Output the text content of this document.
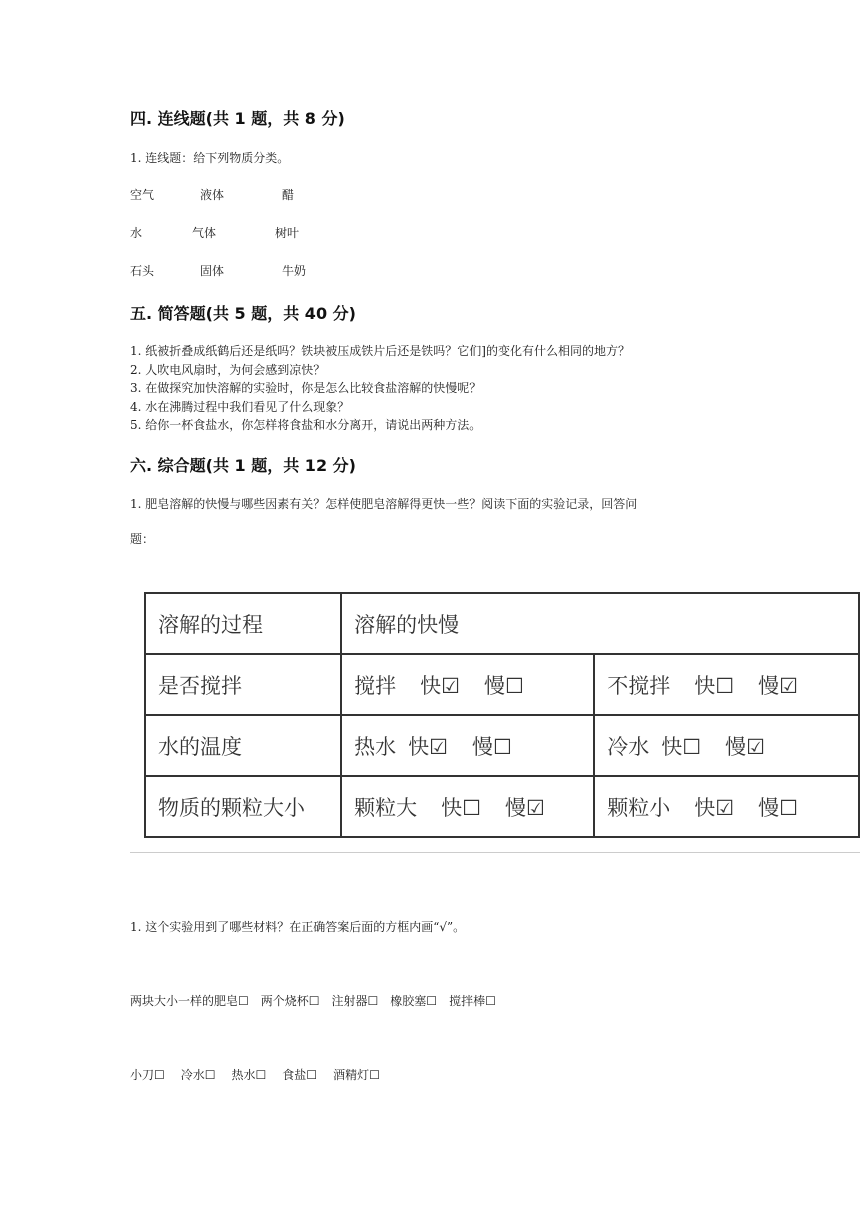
四. 连线题(共 1 题，共 8 分)
1. 连线题：给下列物质分类。
空气	液体	醋
水	气体	树叶
石头	固体	牛奶
五. 简答题(共 5 题，共 40 分)
1. 纸被折叠成纸鹤后还是纸吗？铁块被压成铁片后还是铁吗？它们]的变化有什么相同的地方？
2. 人吹电风扇时，为何会感到凉快？
3. 在做探究加快溶解的实验时，你是怎么比较食盐溶解的快慢呢？
4. 水在沸腾过程中我们看见了什么现象？
5. 给你一杯食盐水，你怎样将食盐和水分离开，请说出两种方法。
六. 综合题(共 1 题，共 12 分)
1. 肥皂溶解的快慢与哪些因素有关？怎样使肥皂溶解得更快一些？阅读下面的实验记录，回答问
题：
溶解的过程	溶解的快慢	
是否搅拌	搅拌 快☑ 慢☐	不搅拌 快☐ 慢☑
水的温度	热水 快☑ 慢☐	冷水 快☐ 慢☑
物质的颗粒大小	颗粒大 快☐ 慢☑	颗粒小 快☑ 慢☐
1. 这个实验用到了哪些材料？在正确答案后面的方框内画“√”。
两块大小一样的肥皂☐ 两个烧杯☐ 注射器☐ 橡胶塞☐ 搅拌棒☐
小刀☐ 冷水☐ 热水☐ 食盐☐ 酒精灯☐
